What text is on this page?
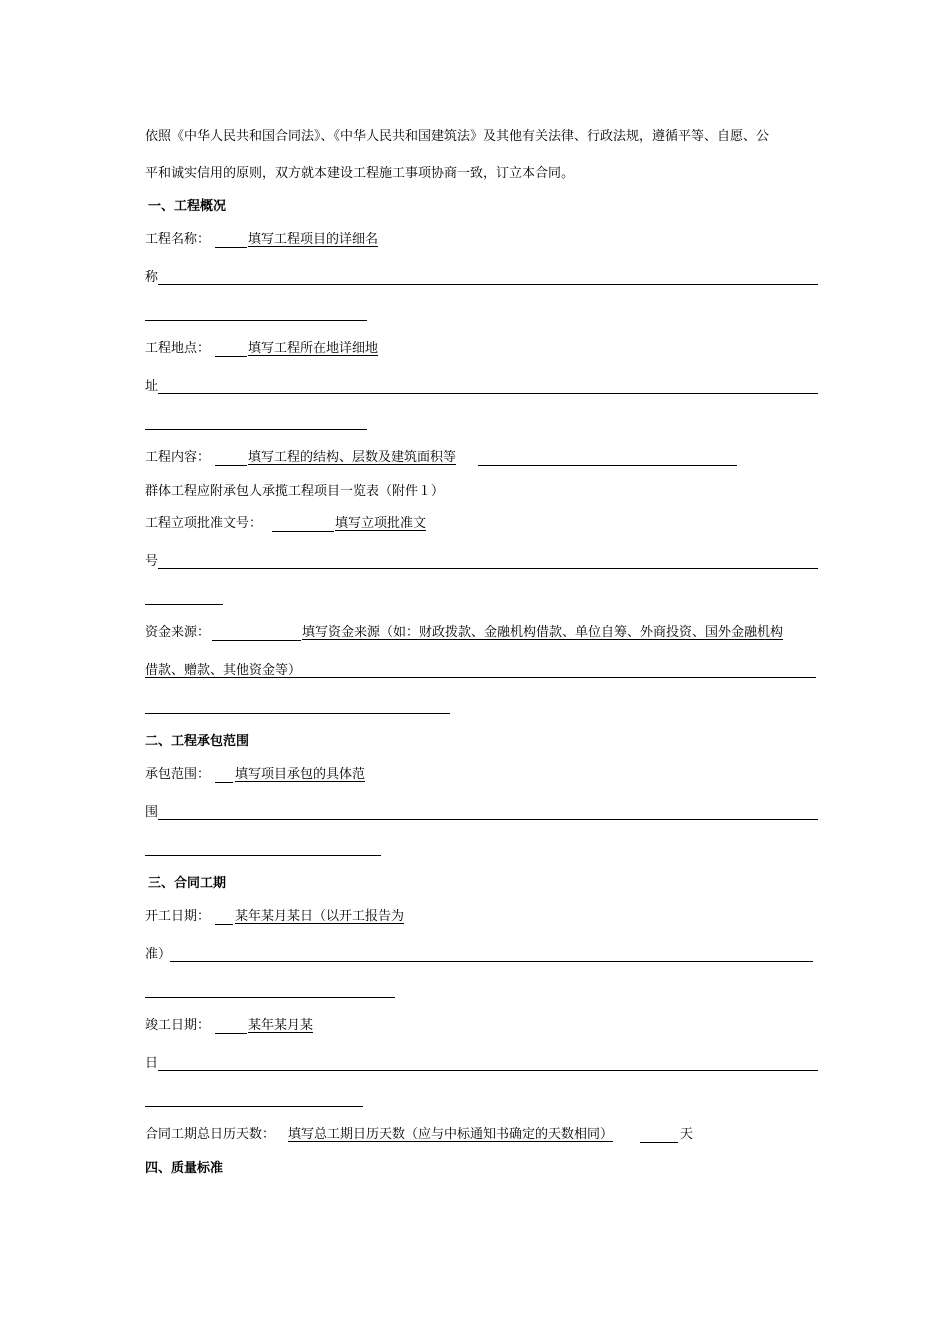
依照《中华人民共和国合同法》、《中华人民共和国建筑法》及其他有关法律、行政法规，遵循平等、自愿、公
平和诚实信用的原则，双方就本建设工程施工事项协商一致，订立本合同。
一、工程概况
工程名称：	填写工程项目的详细名
称
工程地点：	填写工程所在地详细地
址
工程内容：	填写工程的结构、层数及建筑面积等
群体工程应附承包人承揽工程项目一览表（附件１）
工程立项批准文号：	填写立项批准文
号
资金来源：	填写资金来源（如：财政拨款、金融机构借款、单位自筹、外商投资、国外金融机构
借款、赠款、其他资金等）
二、工程承包范围
承包范围： 填写项目承包的具体范
围
三、合同工期
开工日期： 某年某月某日（以开工报告为
准）
竣工日期：	某年某月某
日
合同工期总日历天数： 填写总工期日历天数（应与中标通知书确定的天数相同）	天
四、质量标准
